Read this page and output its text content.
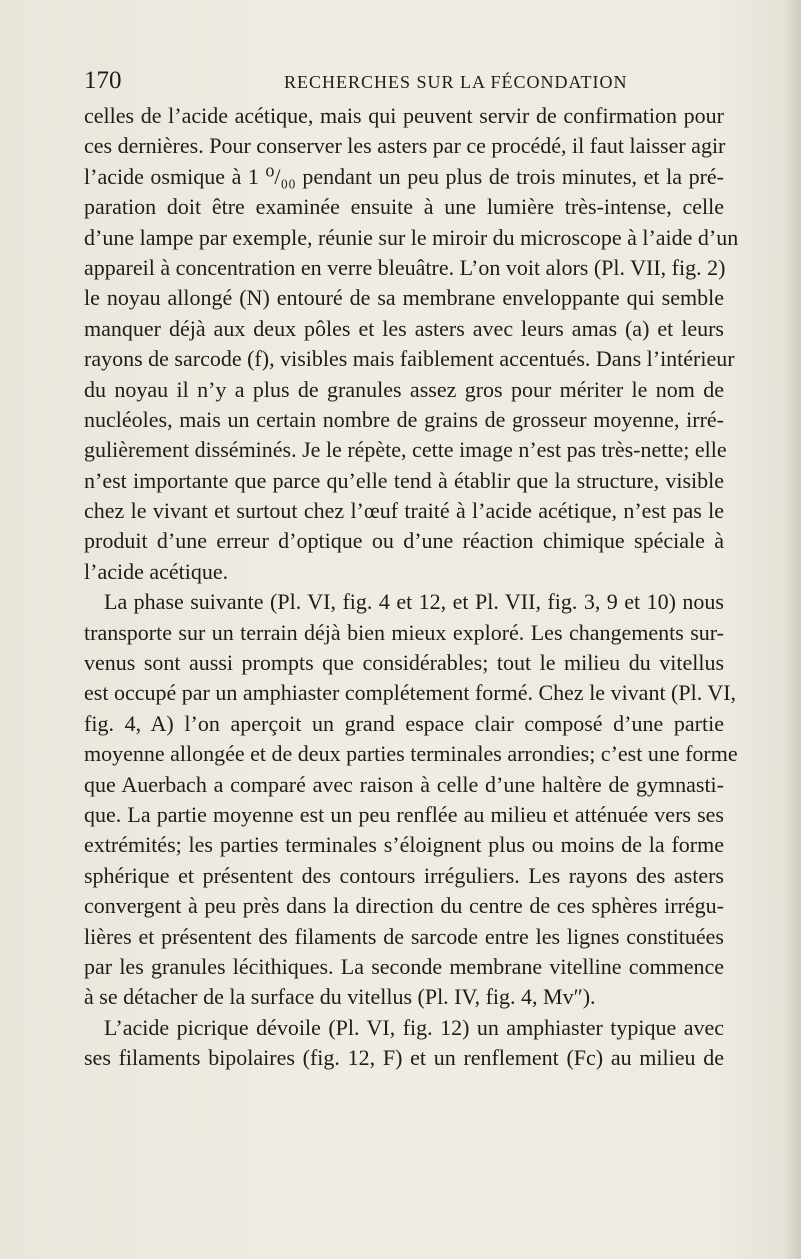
170	RECHERCHES SUR LA FÉCONDATION
celles de l’acide acétique, mais qui peuvent servir de confirmation pour
ces dernières. Pour conserver les asters par ce procédé, il faut laisser agir
l’acide osmique à 1 ⁰/₀₀ pendant un peu plus de trois minutes, et la pré-
paration doit être examinée ensuite à une lumière très-intense, celle
d’une lampe par exemple, réunie sur le miroir du microscope à l’aide d’un
appareil à concentration en verre bleuâtre. L’on voit alors (Pl. VII, fig. 2)
le noyau allongé (N) entouré de sa membrane enveloppante qui semble
manquer déjà aux deux pôles et les asters avec leurs amas (a) et leurs
rayons de sarcode (f), visibles mais faiblement accentués. Dans l’intérieur
du noyau il n’y a plus de granules assez gros pour mériter le nom de
nucléoles, mais un certain nombre de grains de grosseur moyenne, irré-
gulièrement disséminés. Je le répète, cette image n’est pas très-nette; elle
n’est importante que parce qu’elle tend à établir que la structure, visible
chez le vivant et surtout chez l’œuf traité à l’acide acétique, n’est pas le
produit d’une erreur d’optique ou d’une réaction chimique spéciale à
l’acide acétique.
La phase suivante (Pl. VI, fig. 4 et 12, et Pl. VII, fig. 3, 9 et 10) nous
transporte sur un terrain déjà bien mieux exploré. Les changements sur-
venus sont aussi prompts que considérables; tout le milieu du vitellus
est occupé par un amphiaster complétement formé. Chez le vivant (Pl. VI,
fig. 4, A) l’on aperçoit un grand espace clair composé d’une partie
moyenne allongée et de deux parties terminales arrondies; c’est une forme
que Auerbach a comparé avec raison à celle d’une haltère de gymnasti-
que. La partie moyenne est un peu renflée au milieu et atténuée vers ses
extrémités; les parties terminales s’éloignent plus ou moins de la forme
sphérique et présentent des contours irréguliers. Les rayons des asters
convergent à peu près dans la direction du centre de ces sphères irrégu-
lières et présentent des filaments de sarcode entre les lignes constituées
par les granules lécithiques. La seconde membrane vitelline commence
à se détacher de la surface du vitellus (Pl. IV, fig. 4, Mv″).
L’acide picrique dévoile (Pl. VI, fig. 12) un amphiaster typique avec
ses filaments bipolaires (fig. 12, F) et un renflement (Fc) au milieu de
